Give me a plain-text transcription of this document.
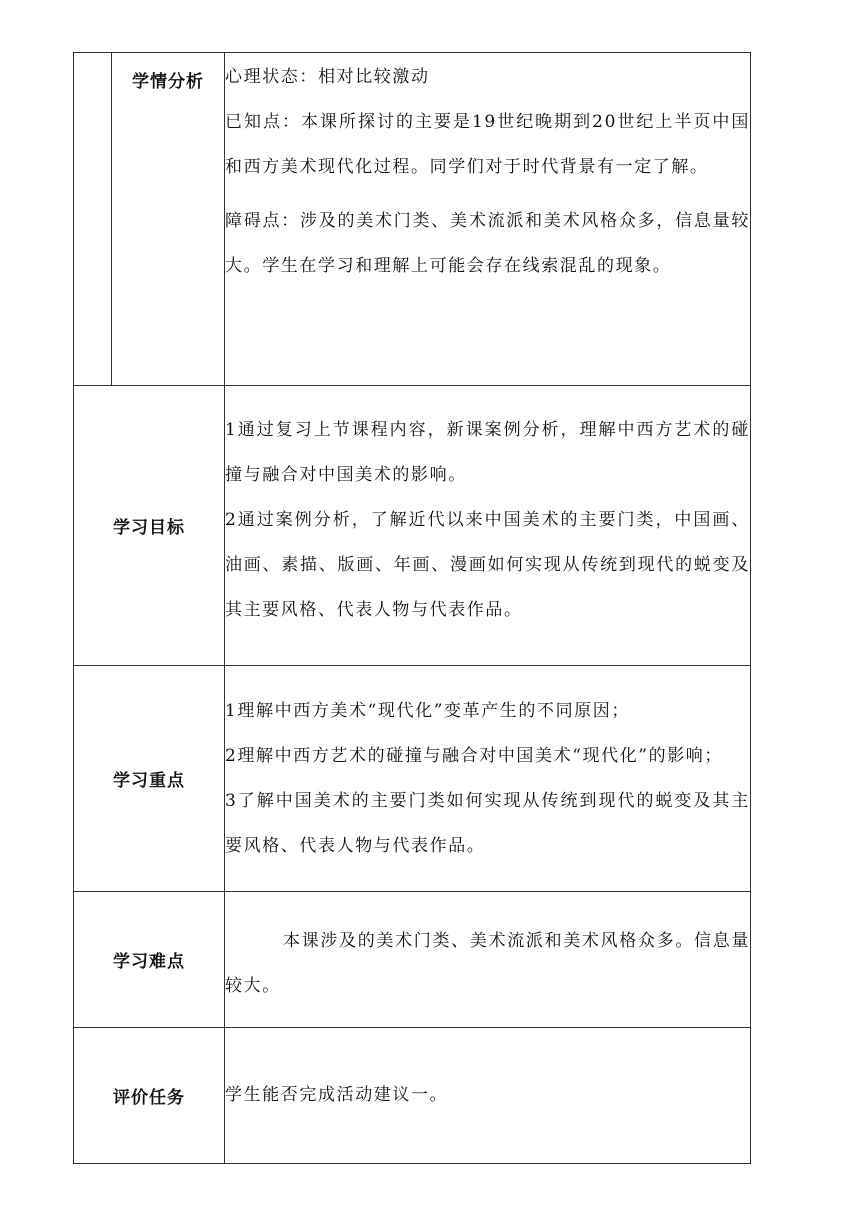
	学情分析	心理状态：相对比较激动

已知点：本课所探讨的主要是19世纪晚期到20世纪上半页中国和西方美术现代化过程。同学们对于时代背景有一定了解。

障碍点：涉及的美术门类、美术流派和美术风格众多，信息量较大。学生在学习和理解上可能会存在线索混乱的现象。

学习目标		1通过复习上节课程内容，新课案例分析，理解中西方艺术的碰撞与融合对中国美术的影响。

2通过案例分析，了解近代以来中国美术的主要门类，中国画、油画、素描、版画、年画、漫画如何实现从传统到现代的蜕变及其主要风格、代表人物与代表作品。

学习重点		1理解中西方美术“现代化”变革产生的不同原因；

2理解中西方艺术的碰撞与融合对中国美术“现代化”的影响；

3了解中国美术的主要门类如何实现从传统到现代的蜕变及其主要风格、代表人物与代表作品。

学习难点		本课涉及的美术门类、美术流派和美术风格众多。信息量较大。

评价任务		学生能否完成活动建议一。
